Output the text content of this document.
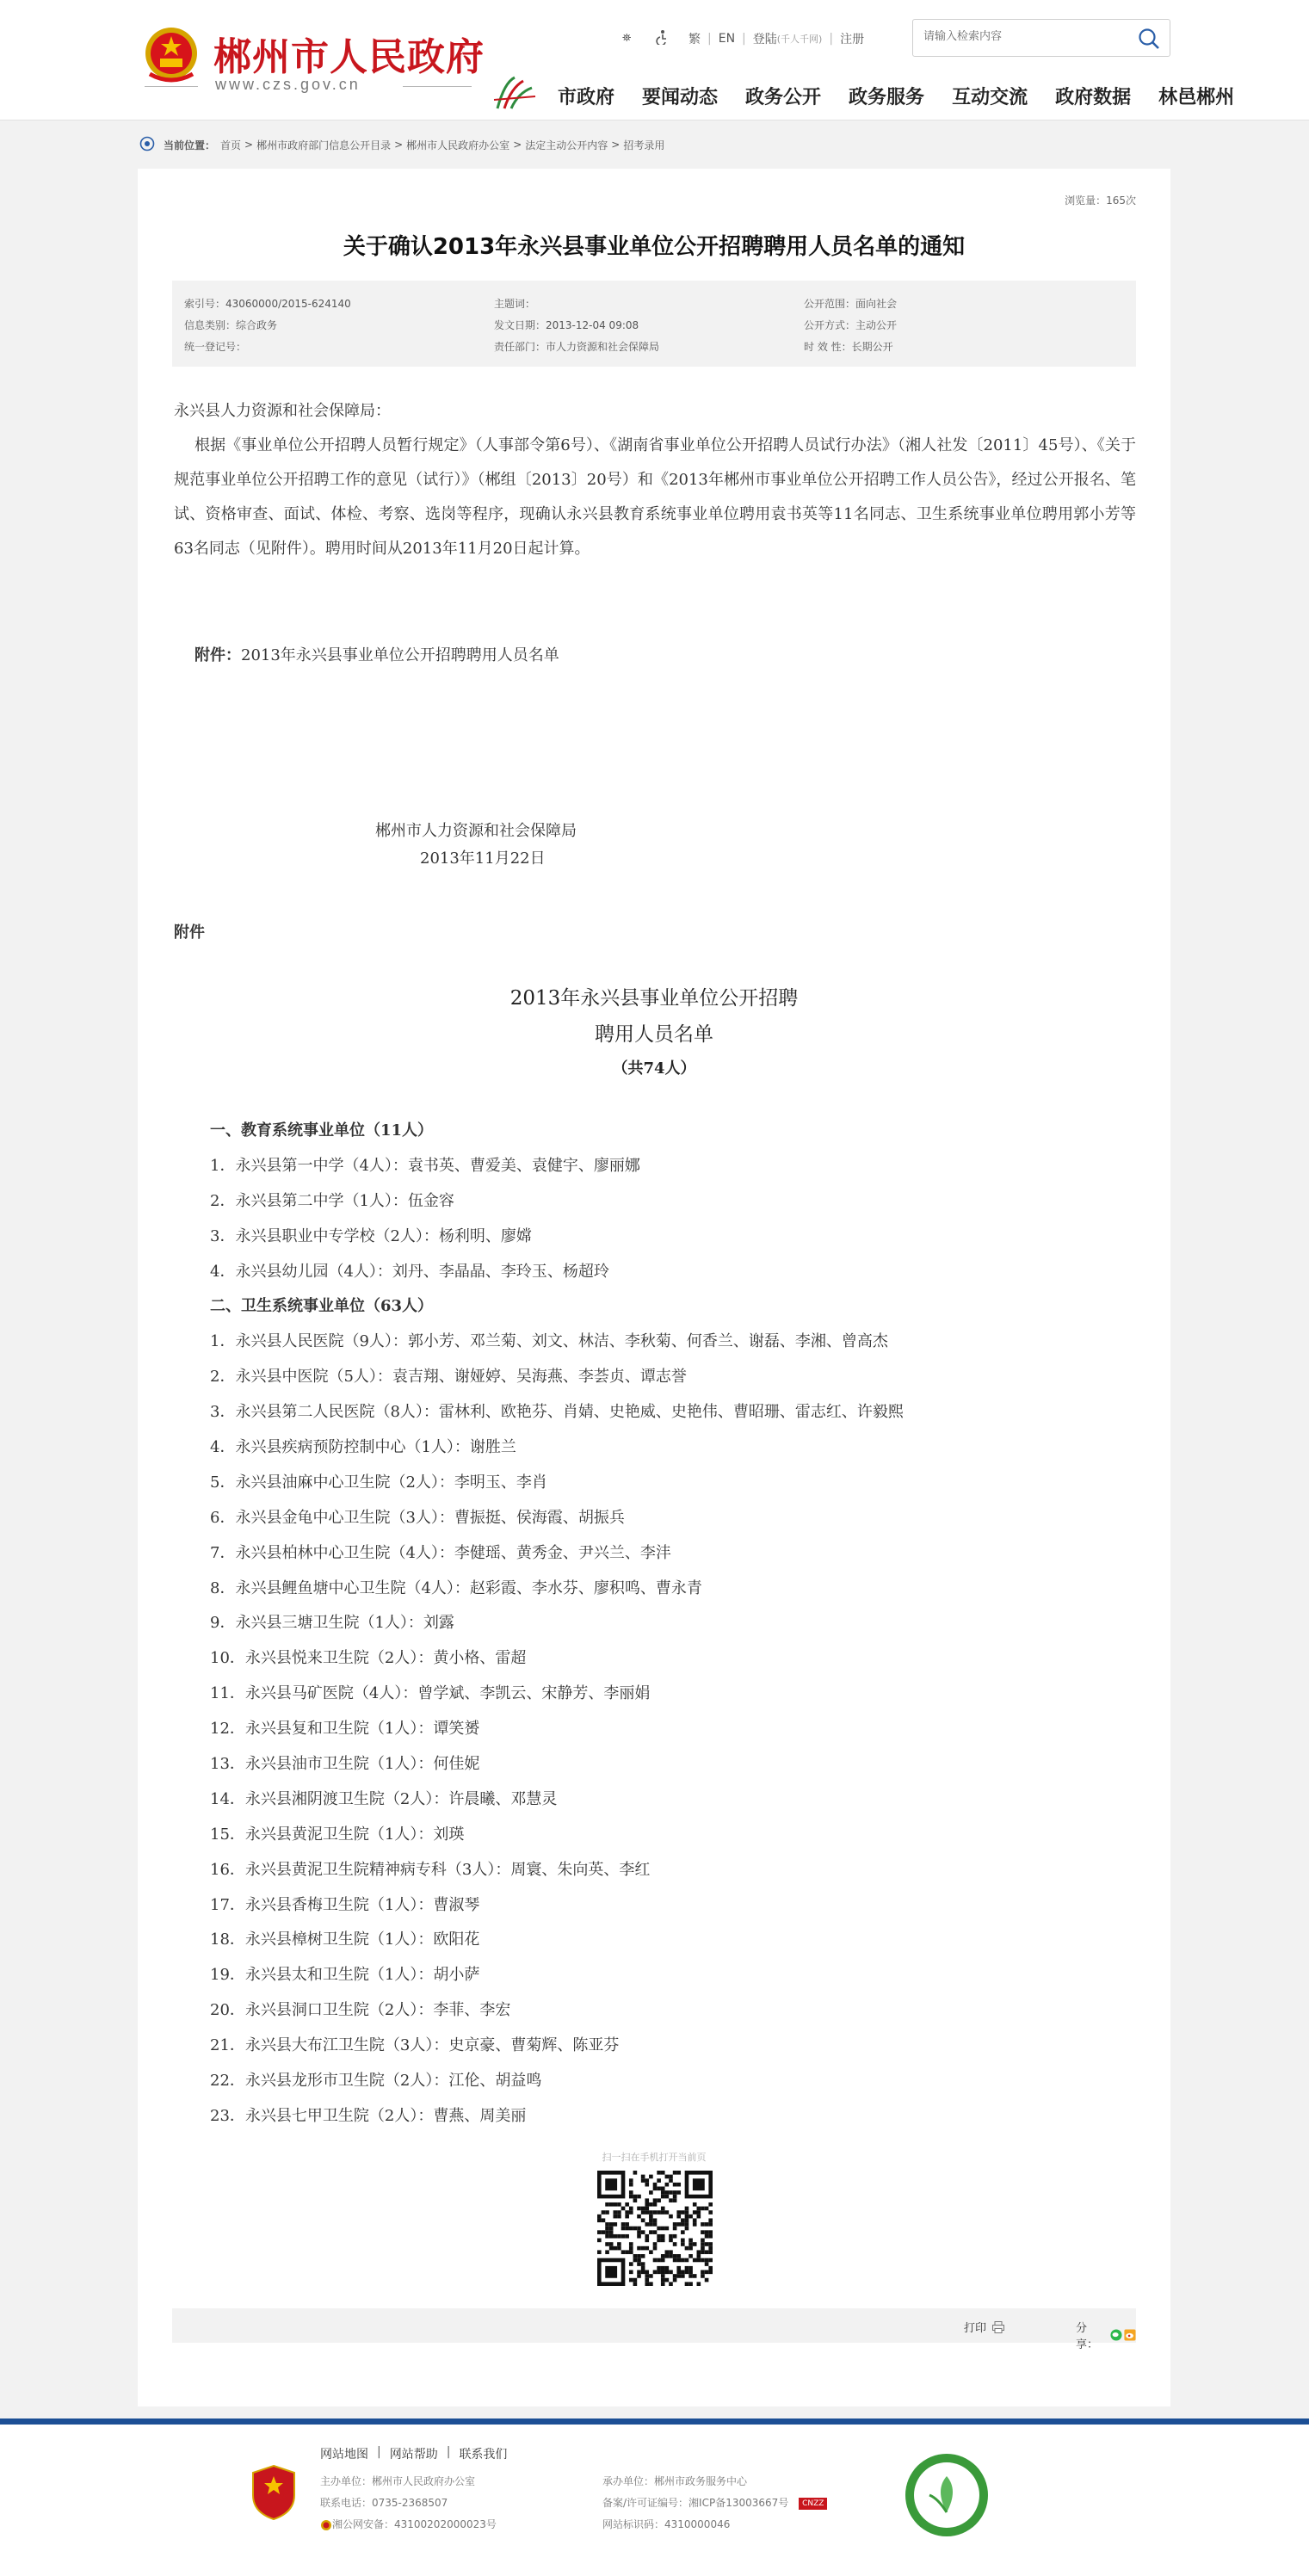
郴州市人民政府
www.czs.gov.cn
⛯	繁 | EN | 登陆 (千人千网) | 注册
请输入检索内容
市政府 要闻动态 政务公开 政务服务 互动交流 政府数据 林邑郴州
当前位置： 首页 > 郴州市政府部门信息公开目录 > 郴州市人民政府办公室 > 法定主动公开内容 > 招考录用
浏览量：165次
关于确认2013年永兴县事业单位公开招聘聘用人员名单的通知
索引号：43060000/2015-624140
信息类别：综合政务
统一登记号：
主题词：
发文日期：2013-12-04 09:08
责任部门：市人力资源和社会保障局
公开范围：面向社会
公开方式：主动公开
时 效 性：长期公开
永兴县人力资源和社会保障局：
根据《事业单位公开招聘人员暂行规定》（人事部令第6号）、《湖南省事业单位公开招聘人员试行办法》（湘人社发〔2011〕45号）、《关于规范事业单位公开招聘工作的意见（试行）》（郴组〔2013〕20号）和《2013年郴州市事业单位公开招聘工作人员公告》，经过公开报名、笔试、资格审查、面试、体检、考察、选岗等程序，现确认永兴县教育系统事业单位聘用袁书英等11名同志、卫生系统事业单位聘用郭小芳等63名同志（见附件）。聘用时间从2013年11月20日起计算。
附件：2013年永兴县事业单位公开招聘聘用人员名单
郴州市人力资源和社会保障局
2013年11月22日
附件
2013年永兴县事业单位公开招聘
聘用人员名单
（共74人）
一、教育系统事业单位（11人）
1．永兴县第一中学（4人）：袁书英、曹爱美、袁健宇、廖丽娜
2．永兴县第二中学（1人）：伍金容
3．永兴县职业中专学校（2人）：杨利明、廖嫦
4．永兴县幼儿园（4人）：刘丹、李晶晶、李玲玉、杨超玲
二、卫生系统事业单位（63人）
1．永兴县人民医院（9人）：郭小芳、邓兰菊、刘文、林洁、李秋菊、何香兰、谢磊、李湘、曾高杰
2．永兴县中医院（5人）：袁吉翔、谢娅婷、吴海燕、李荟贞、谭志誉
3．永兴县第二人民医院（8人）：雷林利、欧艳芬、肖婧、史艳威、史艳伟、曹昭珊、雷志红、许毅熙
4．永兴县疾病预防控制中心（1人）：谢胜兰
5．永兴县油麻中心卫生院（2人）：李明玉、李肖
6．永兴县金龟中心卫生院（3人）：曹振挺、侯海霞、胡振兵
7．永兴县柏林中心卫生院（4人）：李健瑶、黄秀金、尹兴兰、李沣
8．永兴县鲤鱼塘中心卫生院（4人）：赵彩霞、李水芬、廖积鸣、曹永青
9．永兴县三塘卫生院（1人）：刘露
10．永兴县悦来卫生院（2人）：黄小格、雷超
11．永兴县马矿医院（4人）：曾学斌、李凯云、宋静芳、李丽娟
12．永兴县复和卫生院（1人）：谭笑赟
13．永兴县油市卫生院（1人）：何佳妮
14．永兴县湘阴渡卫生院（2人）：许晨曦、邓慧灵
15．永兴县黄泥卫生院（1人）：刘瑛
16．永兴县黄泥卫生院精神病专科（3人）：周寰、朱向英、李红
17．永兴县香梅卫生院（1人）：曹淑琴
18．永兴县樟树卫生院（1人）：欧阳花
19．永兴县太和卫生院（1人）：胡小萨
20．永兴县洞口卫生院（2人）：李菲、李宏
21．永兴县大布江卫生院（3人）：史京豪、曹菊辉、陈亚芬
22．永兴县龙形市卫生院（2人）：江伦、胡益鸣
23．永兴县七甲卫生院（2人）：曹燕、周美丽
扫一扫在手机打开当前页
打印	分享：
网站地图 | 网站帮助 | 联系我们
主办单位：郴州市人民政府办公室
联系电话：0735-2368507
湘公网安备：43100202000023号
承办单位：郴州市政务服务中心
备案/许可证编号：湘ICP备13003667号 CNZZ
网站标识码：4310000046
